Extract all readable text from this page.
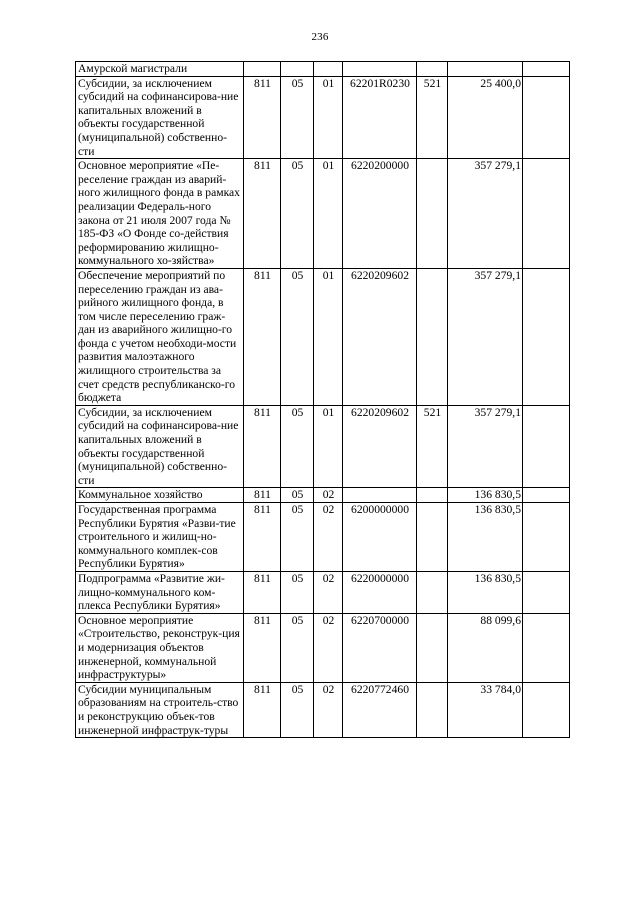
236
Амурской магистрали							
Субсидии, за исключением субсидий на софинансирова-ние капитальных вложений в объекты государственной (муниципальной) собственно-сти	811	05	01	62201R0230	521	25 400,0	
Основное мероприятие «Пе-реселение граждан из аварий-ного жилищного фонда в рамках реализации Федераль-ного закона от 21 июля 2007 года № 185-ФЗ «О Фонде со-действия реформированию жилищно-коммунального хо-зяйства»	811	05	01	6220200000		357 279,1	
Обеспечение мероприятий по переселению граждан из ава-рийного жилищного фонда, в том числе переселению граж-дан из аварийного жилищно-го фонда с учетом необходи-мости развития малоэтажного жилищного строительства за счет средств республиканско-го бюджета	811	05	01	6220209602		357 279,1	
Субсидии, за исключением субсидий на софинансирова-ние капитальных вложений в объекты государственной (муниципальной) собственно-сти	811	05	01	6220209602	521	357 279,1	
Коммунальное хозяйство	811	05	02			136 830,5	
Государственная программа Республики Бурятия «Разви-тие строительного и жилищ-но-коммунального комплек-сов Республики Бурятия»	811	05	02	6200000000		136 830,5	
Подпрограмма «Развитие жи-лищно-коммунального ком-плекса Республики Бурятия»	811	05	02	6220000000		136 830,5	
Основное мероприятие «Строительство, реконструк-ция и модернизация объектов инженерной, коммунальной инфраструктуры»	811	05	02	6220700000		88 099,6	
Субсидии муниципальным образованиям на строитель-ство и реконструкцию объек-тов инженерной инфраструк-туры	811	05	02	6220772460		33 784,0	
